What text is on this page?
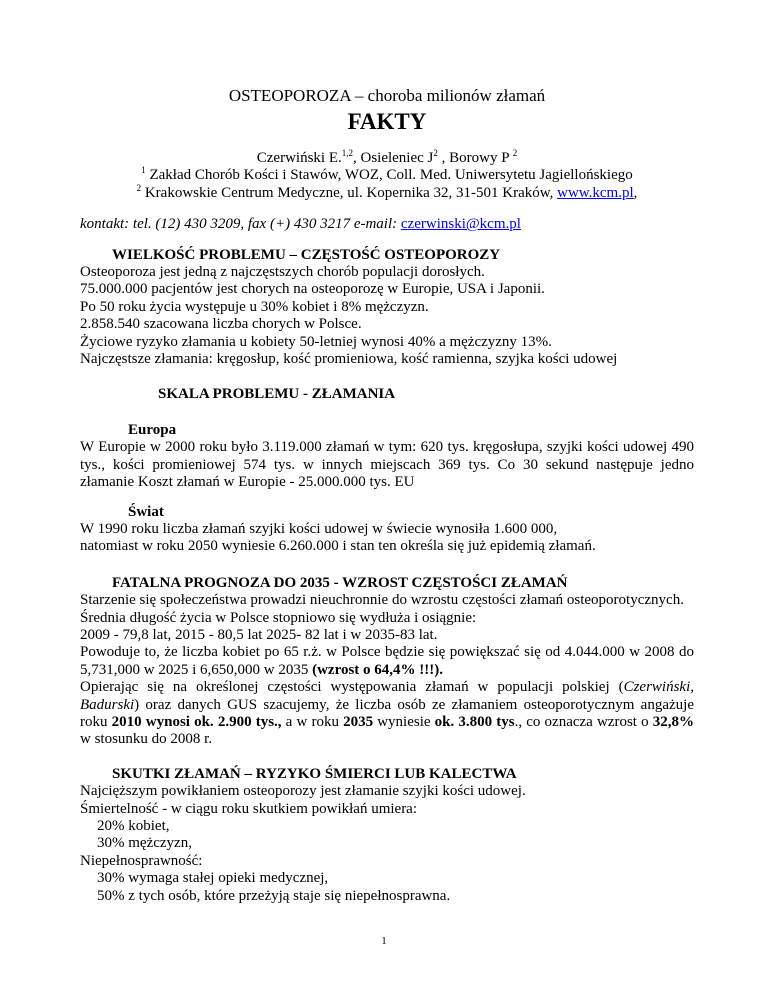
OSTEOPOROZA – choroba milionów złamań

FAKTY

Czerwiński E.$^{1,2}$, Osieleniec $J^2$ , Borowy P $^2$

$^1$ Zakład Chorób Kości i Stawów, WOZ, Coll. Med. Uniwersytetu Jagiellońskiego

$^2$ Krakowskie Centrum Medyczne, ul. Kopernika 32, 31-501 Kraków, www.kcm.pl,

kontakt: tel. (12) 430 3209, fax (+) 430 3217 e-mail: czerwinski@kcm.pl

WIELKOŚĆ PROBLEMU – CZĘSTOŚĆ OSTEOPOROZY

Osteoporoza jest jedną z najczęstszych chorób populacji dorosłych.

75.000.000 pacjentów jest chorych na osteoporozę w Europie, USA i Japonii.

Po 50 roku życia występuje u 30% kobiet i 8% mężczyzn.

2.858.540 szacowana liczba chorych w Polsce.

Życiowe ryzyko złamania u kobiety 50-letniej wynosi 40% a mężczyzny 13%.

Najczęstsze złamania: kręgosłup, kość promieniowa, kość ramienna, szyjka kości udowej

SKALA PROBLEMU - ZŁAMANIA

Europa

W Europie w 2000 roku było 3.119.000 złamań w tym: 620 tys. kręgosłupa, szyjki kości udowej 490 tys., kości promieniowej 574 tys. w innych miejscach 369 tys. Co 30 sekund następuje jedno złamanie Koszt złamań w Europie - 25.000.000 tys. EU

Świat

W 1990 roku liczba złamań szyjki kości udowej w świecie wynosiła 1.600 000,

natomiast w roku 2050 wyniesie 6.260.000 i stan ten określa się już epidemią złamań.

FATALNA PROGNOZA DO 2035 - WZROST CZĘSTOŚCI ZŁAMAŃ

Starzenie się społeczeństwa prowadzi nieuchronnie do wzrostu częstości złamań osteoporotycznych.

Średnia długość życia w Polsce stopniowo się wydłuża i osiągnie:

2009 - 79,8 lat, 2015 - 80,5 lat 2025- 82 lat i w 2035-83 lat.

Powoduje to, że liczba kobiet po 65 r.ż. w Polsce będzie się powiększać się od 4.044.000 w 2008 do 5,731,000 w 2025 i 6,650,000 w 2035 (wzrost o 64,4% !!!).

Opierając się na określonej częstości występowania złamań w populacji polskiej (Czerwiński, Badurski) oraz danych GUS szacujemy, że liczba osób ze złamaniem osteoporotycznym angażuje roku 2010 wynosi ok. 2.900 tys., a w roku 2035 wyniesie ok. 3.800 tys., co oznacza wzrost o 32,8% w stosunku do 2008 r.

SKUTKI ZŁAMAŃ – RYZYKO ŚMIERCI LUB KALECTWA

Najcięższym powikłaniem osteoporozy jest złamanie szyjki kości udowej.

Śmiertelność - w ciągu roku skutkiem powikłań umiera:

20% kobiet,

30% mężczyzn,

Niepełnosprawność:

30% wymaga stałej opieki medycznej,

50% z tych osób, które przeżyją staje się niepełnosprawna.

1
